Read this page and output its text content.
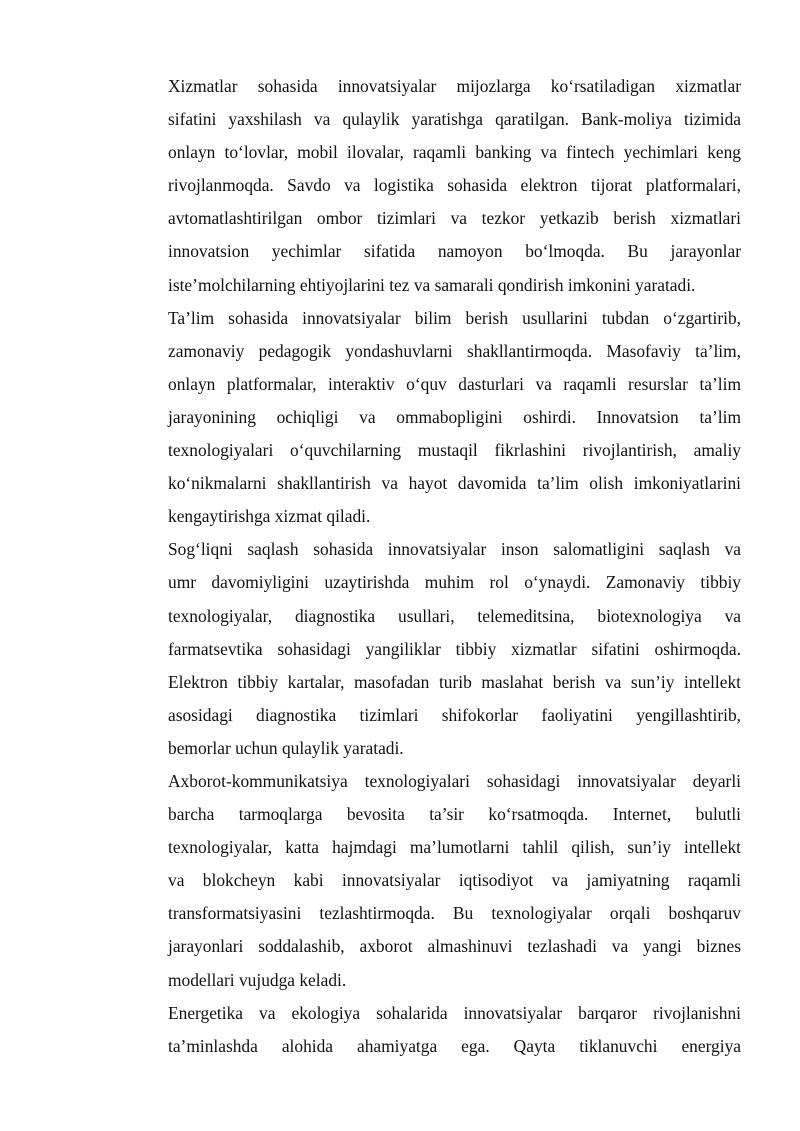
Xizmatlar sohasida innovatsiyalar mijozlarga ko‘rsatiladigan xizmatlar
sifatini yaxshilash va qulaylik yaratishga qaratilgan. Bank-moliya tizimida
onlayn to‘lovlar, mobil ilovalar, raqamli banking va fintech yechimlari keng
rivojlanmoqda. Savdo va logistika sohasida elektron tijorat platformalari,
avtomatlashtirilgan ombor tizimlari va tezkor yetkazib berish xizmatlari
innovatsion yechimlar sifatida namoyon bo‘lmoqda. Bu jarayonlar
iste’molchilarning ehtiyojlarini tez va samarali qondirish imkonini yaratadi.
Ta’lim sohasida innovatsiyalar bilim berish usullarini tubdan o‘zgartirib,
zamonaviy pedagogik yondashuvlarni shakllantirmoqda. Masofaviy ta’lim,
onlayn platformalar, interaktiv o‘quv dasturlari va raqamli resurslar ta’lim
jarayonining ochiqligi va ommabopligini oshirdi. Innovatsion ta’lim
texnologiyalari o‘quvchilarning mustaqil fikrlashini rivojlantirish, amaliy
ko‘nikmalarni shakllantirish va hayot davomida ta’lim olish imkoniyatlarini
kengaytirishga xizmat qiladi.
Sog‘liqni saqlash sohasida innovatsiyalar inson salomatligini saqlash va
umr davomiyligini uzaytirishda muhim rol o‘ynaydi. Zamonaviy tibbiy
texnologiyalar, diagnostika usullari, telemeditsina, biotexnologiya va
farmatsevtika sohasidagi yangiliklar tibbiy xizmatlar sifatini oshirmoqda.
Elektron tibbiy kartalar, masofadan turib maslahat berish va sun’iy intellekt
asosidagi diagnostika tizimlari shifokorlar faoliyatini yengillashtirib,
bemorlar uchun qulaylik yaratadi.
Axborot-kommunikatsiya texnologiyalari sohasidagi innovatsiyalar deyarli
barcha tarmoqlarga bevosita ta’sir ko‘rsatmoqda. Internet, bulutli
texnologiyalar, katta hajmdagi ma’lumotlarni tahlil qilish, sun’iy intellekt
va blokcheyn kabi innovatsiyalar iqtisodiyot va jamiyatning raqamli
transformatsiyasini tezlashtirmoqda. Bu texnologiyalar orqali boshqaruv
jarayonlari soddalashib, axborot almashinuvi tezlashadi va yangi biznes
modellari vujudga keladi.
Energetika va ekologiya sohalarida innovatsiyalar barqaror rivojlanishni
ta’minlashda alohida ahamiyatga ega. Qayta tiklanuvchi energiya
